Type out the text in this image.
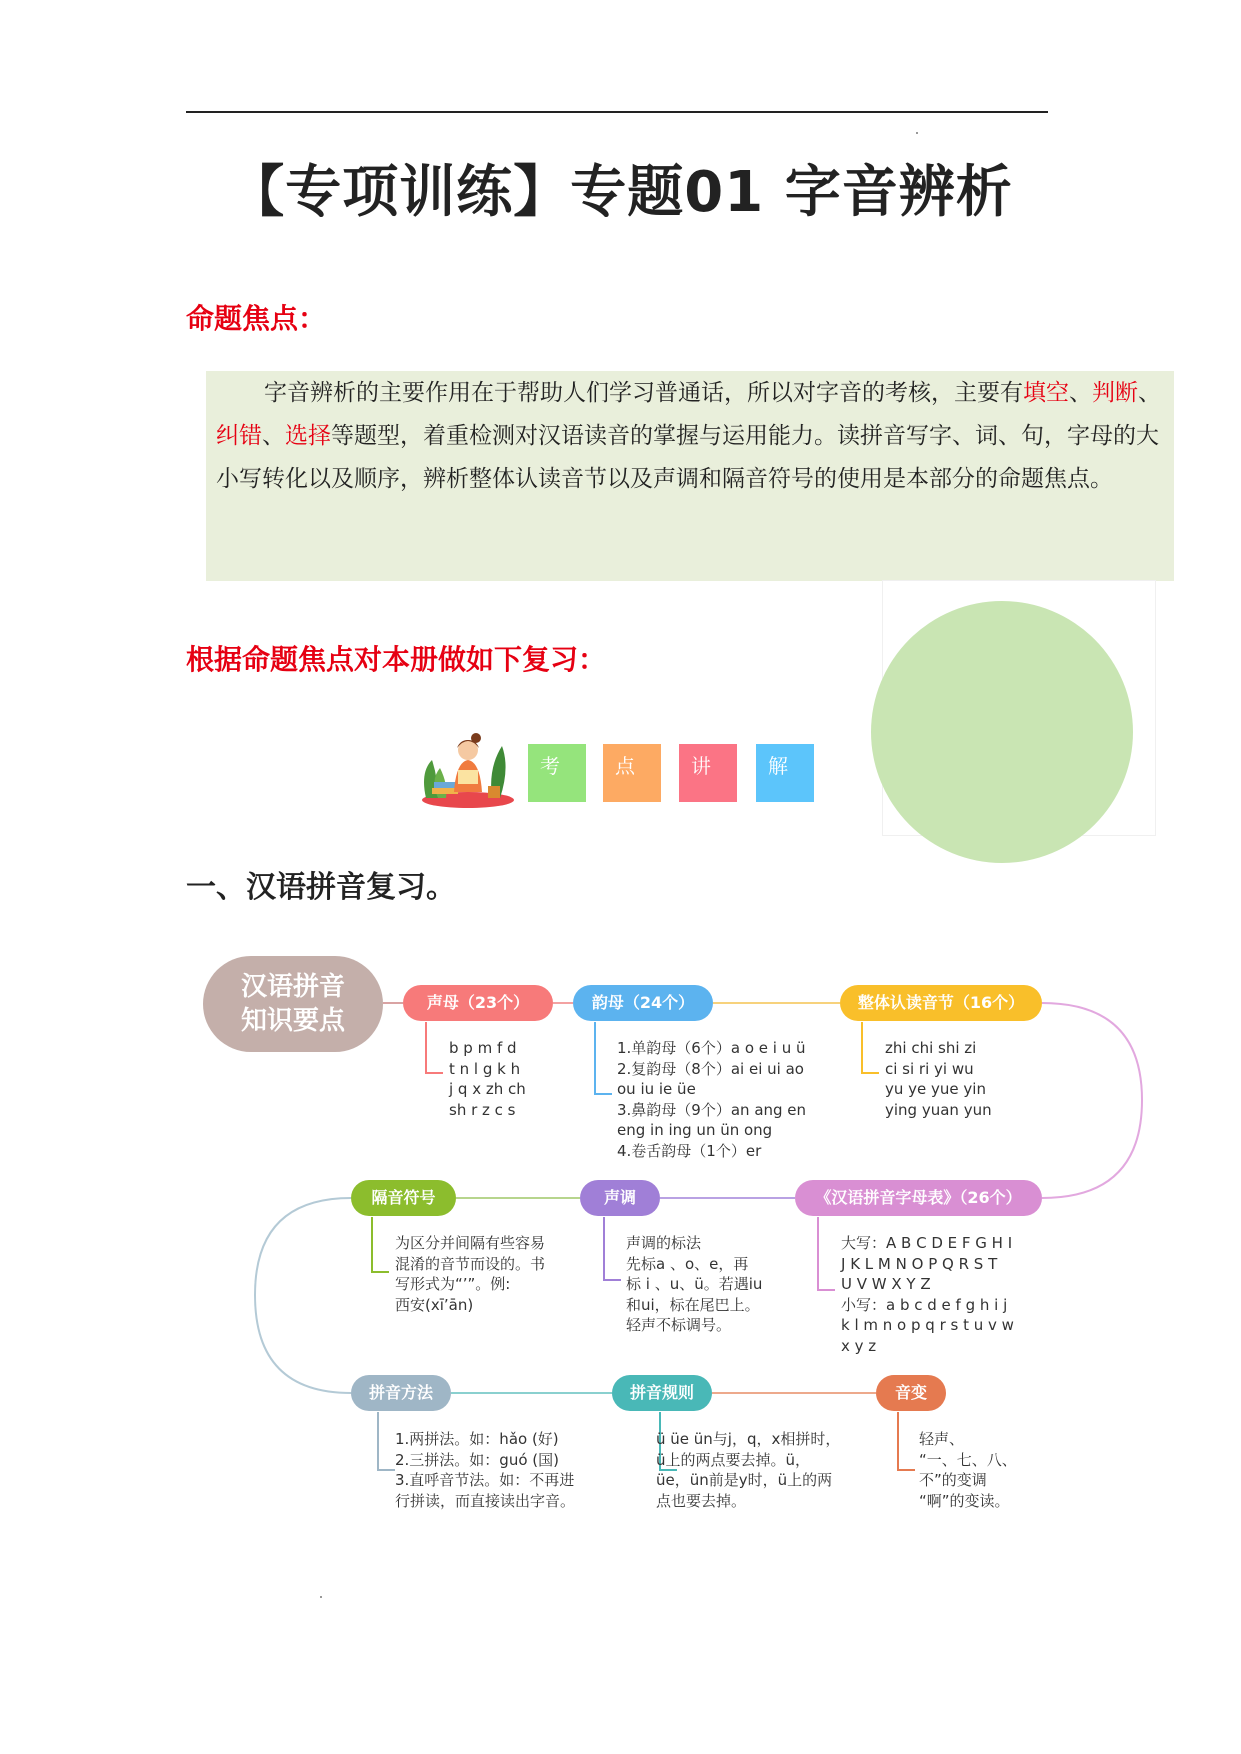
【专项训练】专题01 字音辨析
命题焦点：
字音辨析的主要作用在于帮助人们学习普通话，所以对字音的考核，主要有填空、判断、纠错、选择等题型，着重检测对汉语读音的掌握与运用能力。读拼音写字、词、句，字母的大小写转化以及顺序，辨析整体认读音节以及声调和隔音符号的使用是本部分的命题焦点。
根据命题焦点对本册做如下复习：
考	点	讲	解
一、汉语拼音复习。
汉语拼音
知识要点
声母（23个）
b p m f d
t n l g k h
j q x zh ch
sh r z c s
韵母（24个）
1.单韵母（6个）a o e i u ü
2.复韵母（8个）ai ei ui ao
ou iu ie üe
3.鼻韵母（9个）an ang en
eng in ing un ün ong
4.卷舌韵母（1个）er
整体认读音节（16个）
zhi chi shi zi
ci si ri yi wu
yu ye yue yin
ying yuan yun
隔音符号
为区分并间隔有些容易
混淆的音节而设的。书
写形式为“’”。例:
西安(xī’ān)
声调
声调的标法
先标a 、o、e，再
标 i 、u、ü。若遇iu
和ui，标在尾巴上。
轻声不标调号。
《汉语拼音字母表》（26个）
大写：A B C D E F G H I
J K L M N O P Q R S T
U V W X Y Z
小写：a b c d e f g h i j
k l m n o p q r s t u v w
x y z
拼音方法
1.两拼法。如：hǎo (好)
2.三拼法。如：guó (国)
3.直呼音节法。如：不再进
行拼读，而直接读出字音。
拼音规则
ü üe ün与j，q，x相拼时，
ü上的两点要去掉。ü，
üe，ün前是y时，ü上的两
点也要去掉。
音变
轻声、
“一、七、八、
不”的变调
“啊”的变读。
